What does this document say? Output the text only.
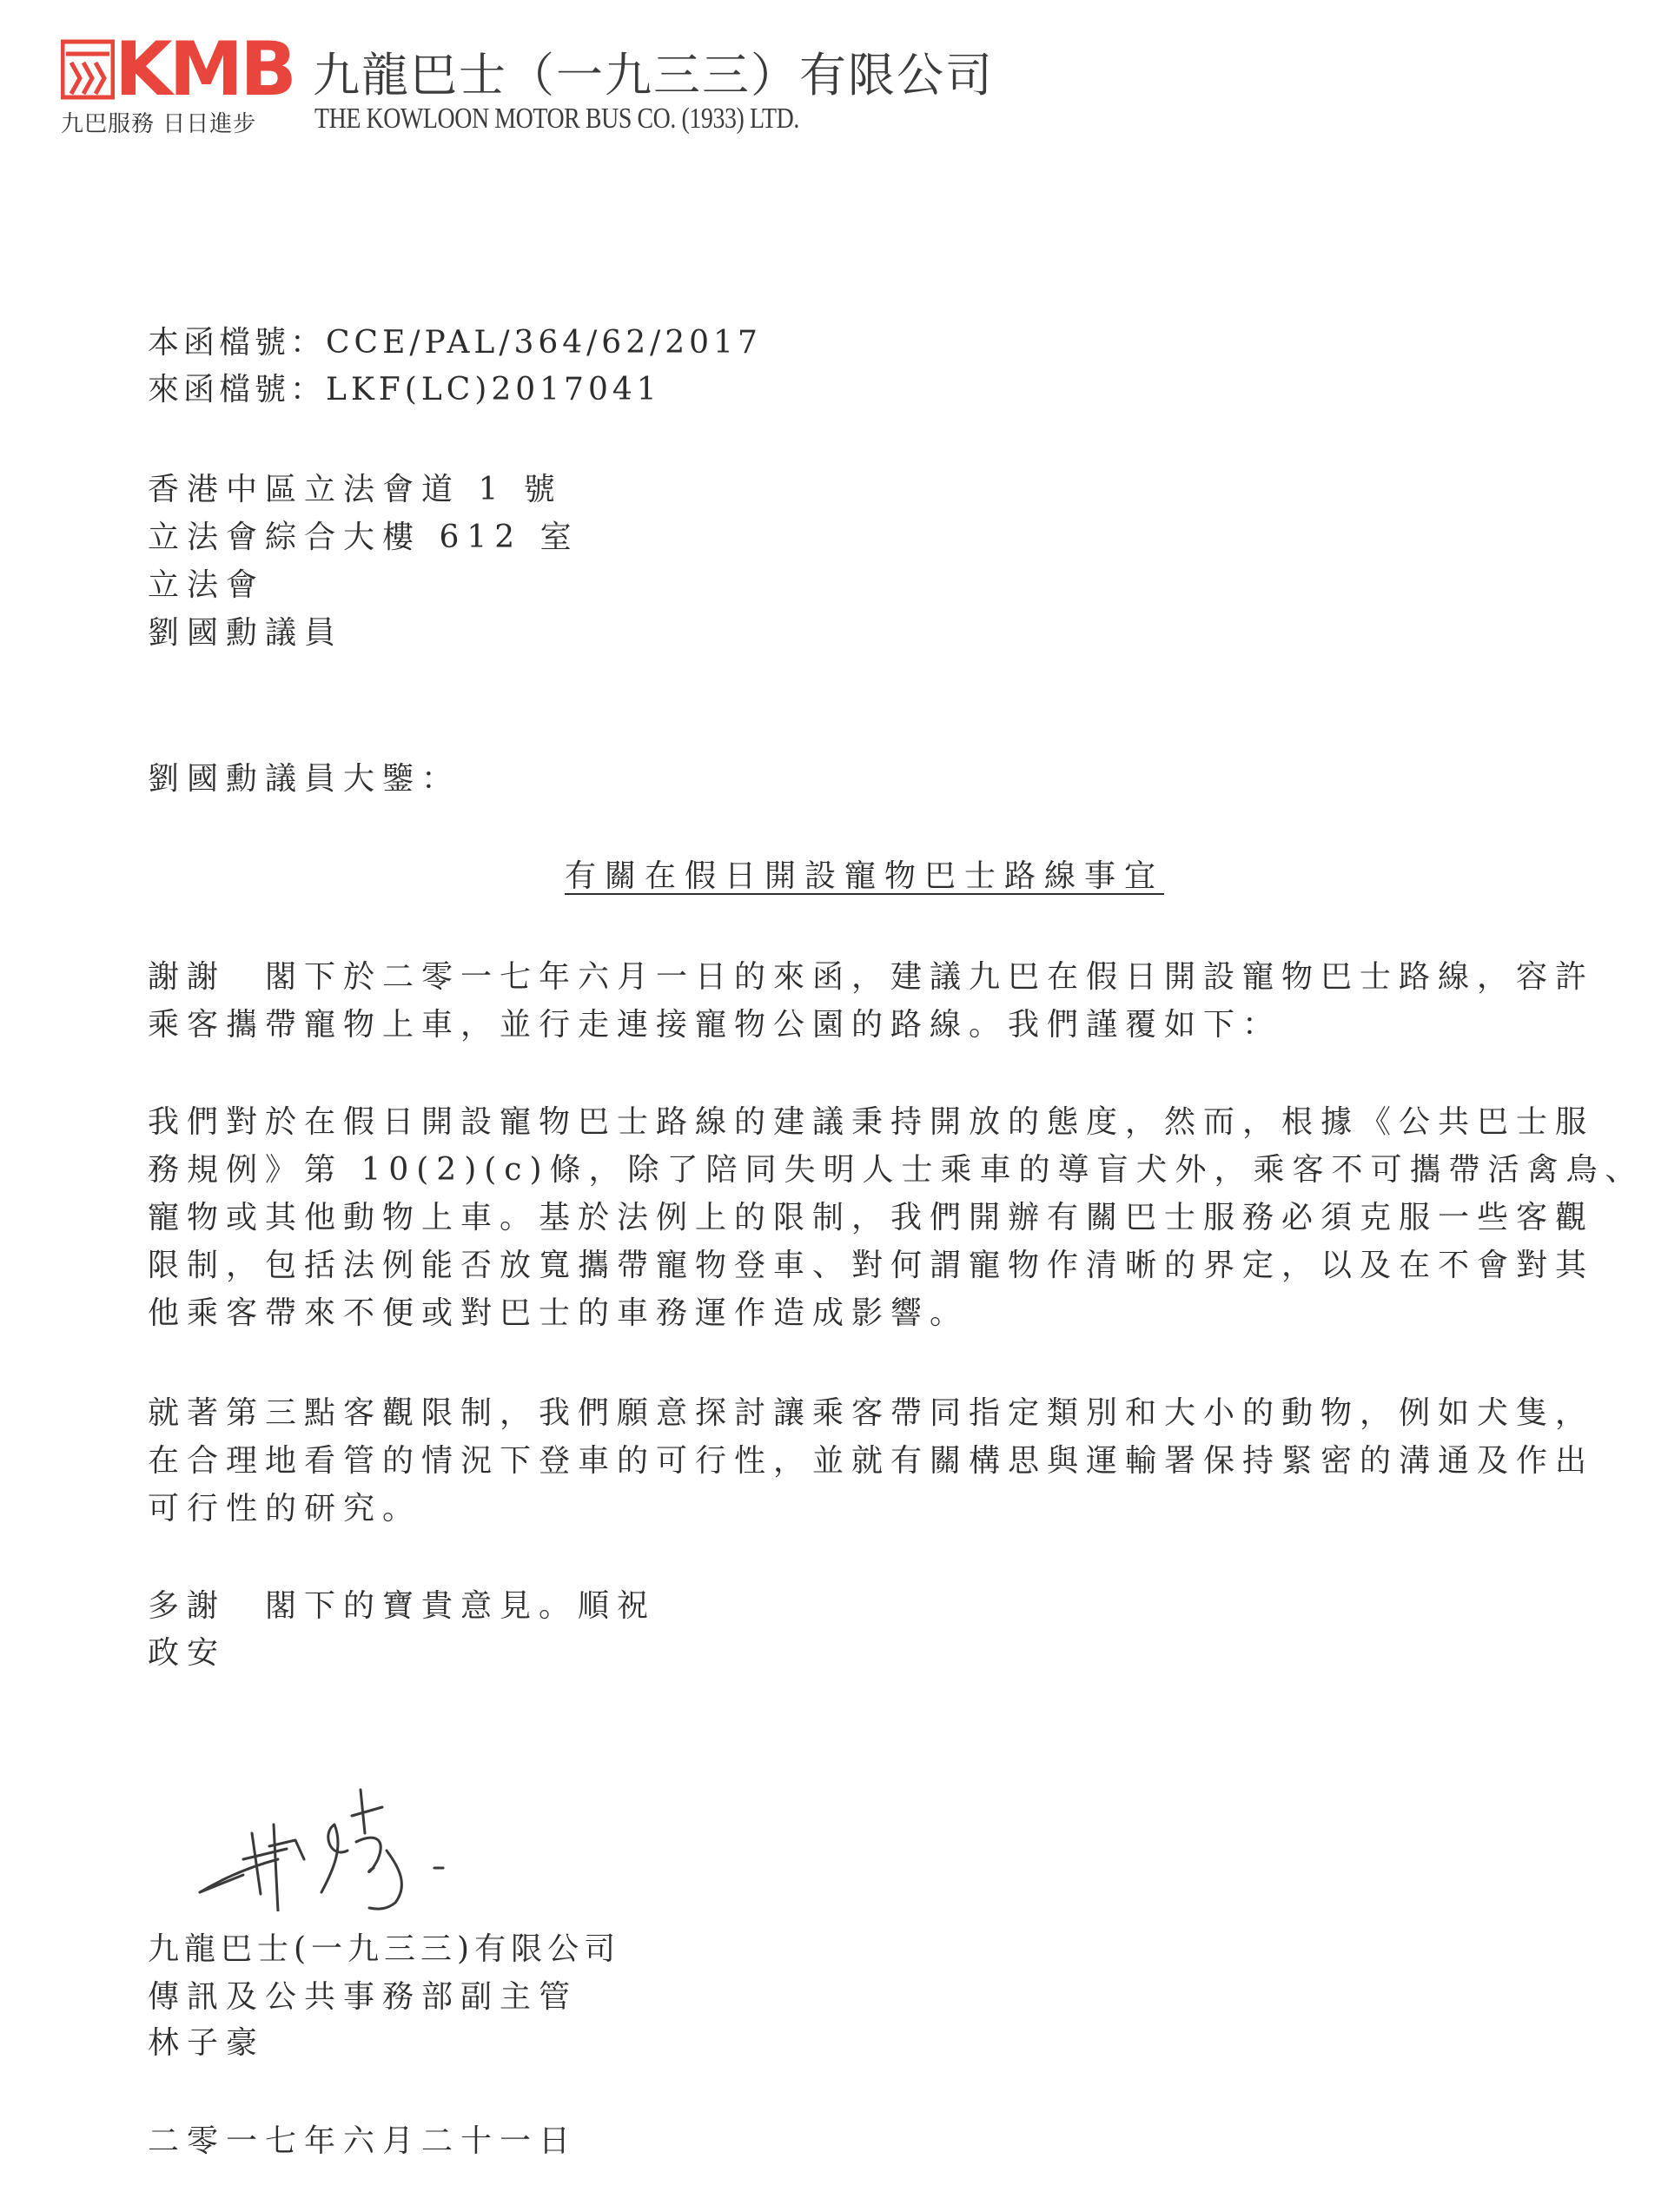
KMB
九巴服務 日日進步
九龍巴士（一九三三）有限公司
THE KOWLOON MOTOR BUS CO. (1933) LTD.
本函檔號：CCE/PAL/364/62/2017
來函檔號：LKF(LC)2017041
香港中區立法會道 1 號
立法會綜合大樓 612 室
立法會
劉國勳議員
劉國勳議員大鑒：
有關在假日開設寵物巴士路線事宜
謝謝　閣下於二零一七年六月一日的來函，建議九巴在假日開設寵物巴士路線，容許
乘客攜帶寵物上車，並行走連接寵物公園的路線。我們謹覆如下：
我們對於在假日開設寵物巴士路線的建議秉持開放的態度，然而，根據《公共巴士服
務規例》第 10(2)(c)條，除了陪同失明人士乘車的導盲犬外，乘客不可攜帶活禽鳥、
寵物或其他動物上車。基於法例上的限制，我們開辦有關巴士服務必須克服一些客觀
限制，包括法例能否放寬攜帶寵物登車、對何謂寵物作清晰的界定，以及在不會對其
他乘客帶來不便或對巴士的車務運作造成影響。
就著第三點客觀限制，我們願意探討讓乘客帶同指定類別和大小的動物，例如犬隻，
在合理地看管的情況下登車的可行性，並就有關構思與運輸署保持緊密的溝通及作出
可行性的研究。
多謝　閣下的寶貴意見。順祝
政安
九龍巴士(一九三三)有限公司
傳訊及公共事務部副主管
林子豪
二零一七年六月二十一日
